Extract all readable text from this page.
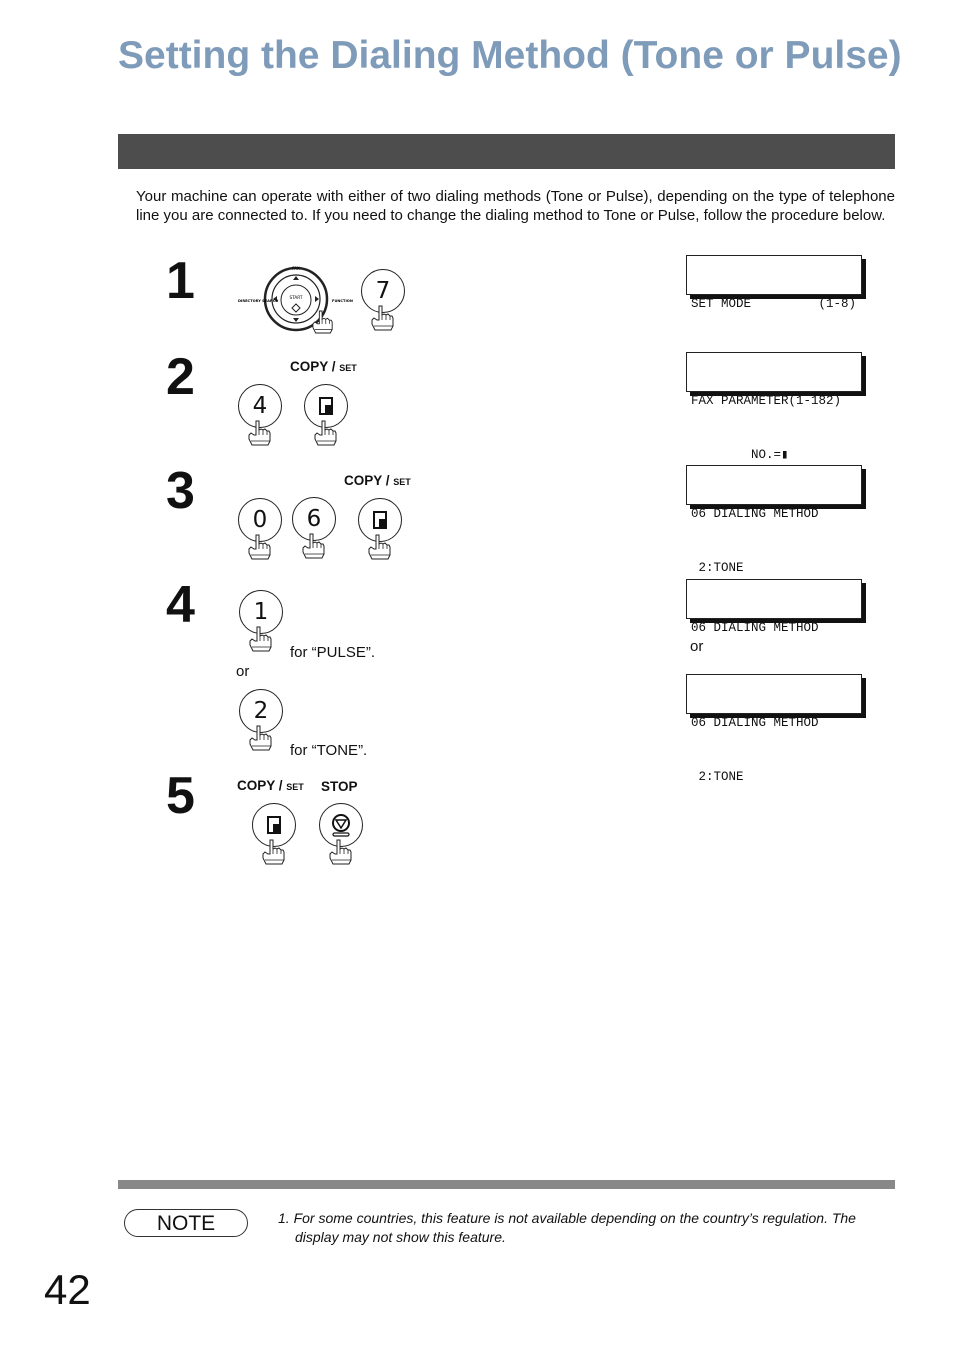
Setting the Dialing Method (Tone or Pulse)
Your machine can operate with either of two dialing methods (Tone or Pulse), depending on the type of telephone line you are connected to. If you need to change the dialing method to Tone or Pulse, follow the procedure below.
1	FAX
DIRECTORY SEARCH	FUNCTION
START	7

	SET MODE         (1-8)

2	COPY / SET
4

	FAX PARAMETER(1-182)

NO.=▮

3	COPY / SET
0	6

	06 DIALING METHOD

2:TONE

4	1
for “PULSE”.
or
2
for “TONE”.

06 DIALING METHOD

or

06 DIALING METHOD

2:TONE

5	COPY / SET STOP
NOTE	1. For some countries, this feature is not available depending on the country’s regulation. The
display may not show this feature.
42
